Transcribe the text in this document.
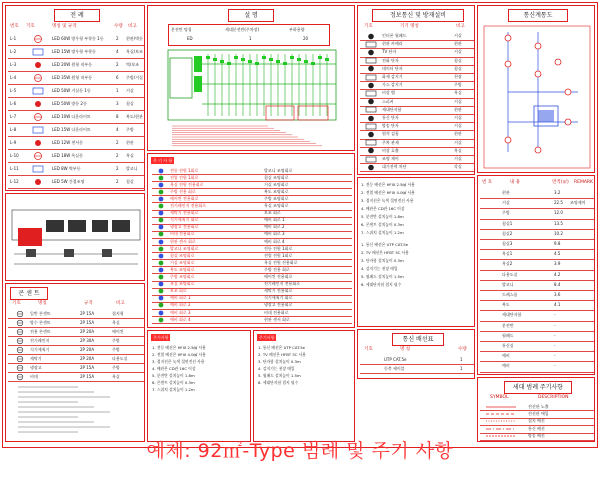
전 례
번호 기호	명칭 및 규격	수량 비고
L-1	LED 60W 방우형 부착등 1등	2	현관/벽등
L-2	LED 15W 방우형 부착등	4	욕실/보조
L-3	LED 20W 원형 직부등	2	벽/보조
L-4	LED 35W 원형 직부등	6	주방/거실
L-5	LED 50W 거실등 1등	1	거실
L-6	LED 50W 방등 2등	3	침실
L-7	LED 10W 다운라이트	8	복도/현관
L-8	LED 15W 다운라이트	4	주방
L-9	LED 12W 센서등	2	현관
L-10	LED 18W 욕실등	2	욕실
L-11	LED 8W 벽부등	2	발코니
L-12	LED 5W 간접조명	2	침실
콘 센 트
기호	명칭	규격	비고
일반 콘센트	2P 15A	접지형
방수 콘센트	2P 15A	욕실
전용 콘센트	2P 20A	에어컨
전기레인지	2P 30A	주방
식기세척기	2P 20A	주방
세탁기	2P 20A	다용도실
냉장고	2P 15A	주방
비데	2P 15A	욕실
설 명
분전반 명칭	세대분전반(주차장)	부하용량
ED	1	20
주 기 사 항
전등 전원 1회로	발코니 조명회로
전열 전원 1회로	침실 조명회로
욕실 전원 전용회로	거실 조명회로
주방 전용 회로	복도 조명회로
에어컨 전용회로	주방 조명회로
전기레인지 전용회로	욕실 조명회로
세탁기 전용회로	보조 회로
식기세척기 회로	예비 회로 1
냉장고 전용회로	예비 회로 2
비데 전용회로	예비 회로 3
현관 센서 회로	예비 회로 4
발코니 조명회로	전등 전원 1회로
침실 조명회로	전열 전원 1회로
거실 조명회로	욕실 전원 전용회로
복도 조명회로	주방 전용 회로
주방 조명회로	에어컨 전용회로
욕실 조명회로	전기레인지 전용회로
보조 회로	세탁기 전용회로
예비 회로 1	식기세척기 회로
예비 회로 2	냉장고 전용회로
예비 회로 3	비데 전용회로
예비 회로 4	현관 센서 회로
주기사항
1. 전등 배선은 HFIX 2.5㎟ 사용
2. 전열 배선은 HFIX 4.0㎟ 사용
3. 접지선은 녹색 절연전선 사용
4. 배관은 CD관 16C 이상
5. 분전반 설치높이 1.8m
6. 콘센트 설치높이 0.3m
7. 스위치 설치높이 1.2m
주기사항
1. 통신 배선은 UTP CAT.5e
2. TV 배선은 HFBT 5C 사용
3. 단자함 설치높이 0.3m
4. 감지기는 천장 매입
5. 월패드 설치높이 1.5m
6. 세대단자함 접지 필수
정보통신 및 방재설비
기호	기기 명칭	비고
인터폰 월패드	거실
현관 카메라	현관
TV 단자	거실
전화 단자	침실
데이터 단자	침실
화재 감지기	천장
가스 감지기	주방
비상 벨	욕실
스피커	거실
세대단자함	현관
통신 단자	거실
방송 단자	거실
원격 검침	현관
주차 관제	거실
비상 호출	욕실
조명 제어	거실
대기전력 차단	각실
1. 전등 배선은 HFIX 2.5㎟ 사용
2. 전열 배선은 HFIX 4.0㎟ 사용
3. 접지선은 녹색 절연전선 사용
4. 배관은 CD관 16C 이상
5. 분전반 설치높이 1.8m
6. 콘센트 설치높이 0.3m
7. 스위치 설치높이 1.2m
1. 통신 배선은 UTP CAT.5e
2. TV 배선은 HFBT 5C 사용
3. 단자함 설치높이 0.3m
4. 감지기는 천장 매입
5. 월패드 설치높이 1.5m
6. 세대단자함 접지 필수
통신 배선표
기호	명 칭	수량
UTP CAT.5e	1
동축 케이블	1
통신계통도
번 호	내 용	면적(㎡) REMARK
현관	3.2
거실	22.5	조명제어
주방	12.0
침실1	13.5
침실2	10.2
침실3	9.8
욕실1	4.5
욕실2	3.9
다용도실	4.2
발코니	8.4
드레스룸	3.6
복도	4.1
세대단자함	-
분전반	-
월패드	-
통신실	-
예비	-
예비	-
세대 범례 주기사항
SYMBOL	DESCRIPTION
전선관 노출
전선관 매입
접지 배선
통신 배선
방송 배선
예제: 92㎡-Type 범례 및 주기 사항
